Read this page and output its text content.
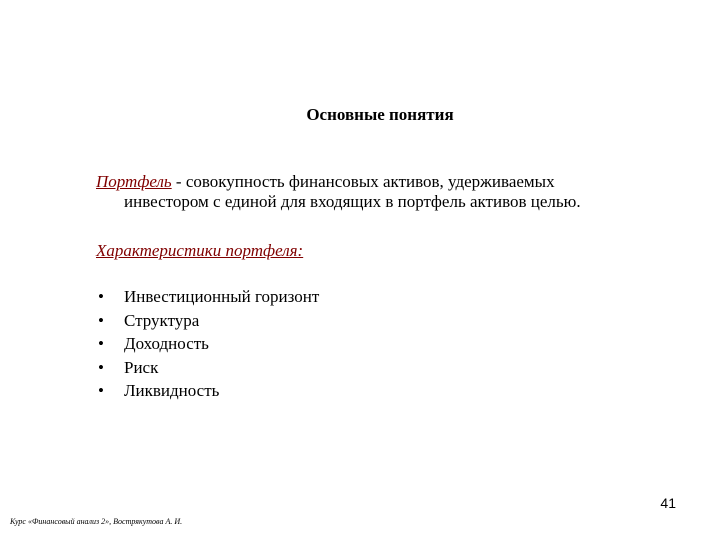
Основные понятия
Портфель - совокупность финансовых активов, удерживаемых
инвестором с единой для входящих в портфель активов целью.
Характеристики портфеля:
•	Инвестиционный горизонт
•	Структура
•	Доходность
•	Риск
•	Ликвидность
41
Курс «Финансовый анализ 2», Вострякутова А. И.
